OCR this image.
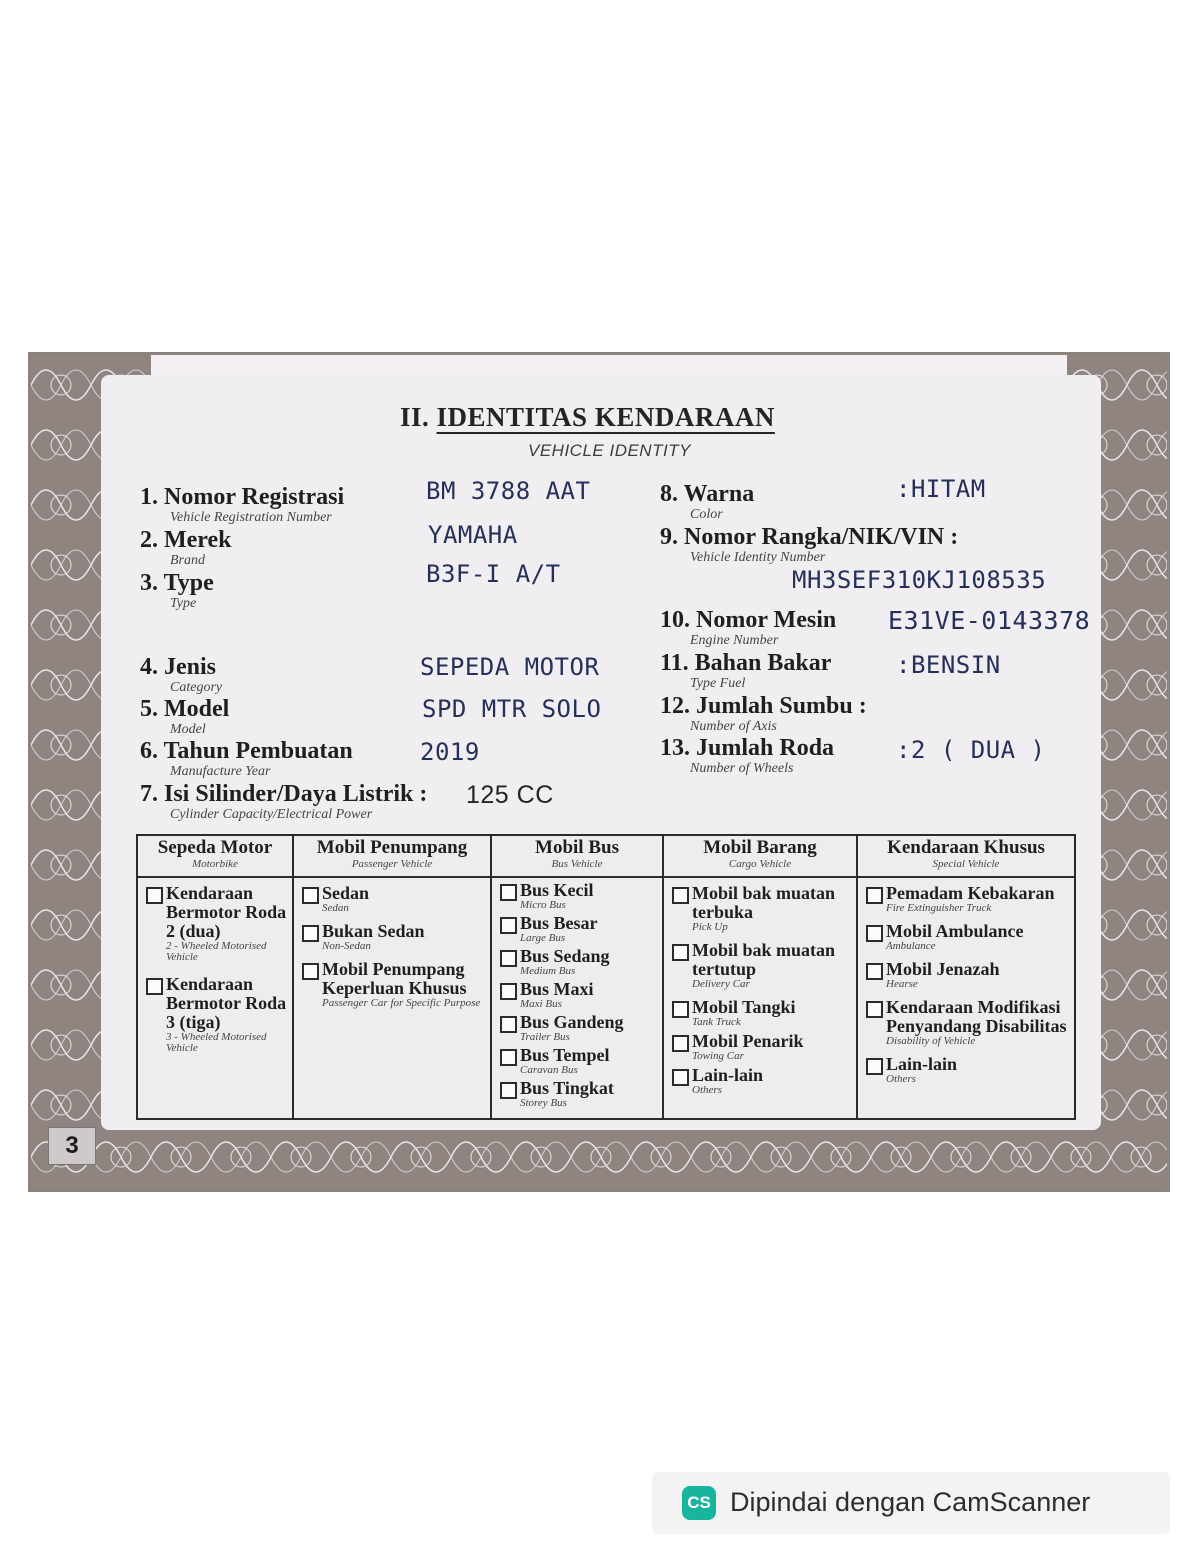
II. IDENTITAS KENDARAAN
VEHICLE IDENTITY
1. Nomor Registrasi
Vehicle Registration Number
BM 3788 AAT
2. Merek
Brand
YAMAHA
3. Type
Type
B3F-I A/T
4. Jenis
Category
SEPEDA MOTOR
5. Model
Model
SPD MTR SOLO
6. Tahun Pembuatan
Manufacture Year
2019
7. Isi Silinder/Daya Listrik :
Cylinder Capacity/Electrical Power
125 CC
8. Warna
Color
:HITAM
9. Nomor Rangka/NIK/VIN :
Vehicle Identity Number
MH3SEF310KJ108535
10. Nomor Mesin
Engine Number
E31VE-0143378
11. Bahan Bakar
Type Fuel
:BENSIN
12. Jumlah Sumbu :
Number of Axis
13. Jumlah Roda
Number of Wheels
:2 ( DUA )
Sepeda Motor
Motorbike
Kendaraan Bermotor Roda 2 (dua)
2 - Wheeled Motorised Vehicle
Kendaraan Bermotor Roda 3 (tiga)
3 - Wheeled Motorised Vehicle
Mobil Penumpang
Passenger Vehicle
Sedan
Sedan
Bukan Sedan
Non-Sedan
Mobil Penumpang Keperluan Khusus
Passenger Car for Specific Purpose
Mobil Bus
Bus Vehicle
Bus Kecil
Micro Bus
Bus Besar
Large Bus
Bus Sedang
Medium Bus
Bus Maxi
Maxi Bus
Bus Gandeng
Trailer Bus
Bus Tempel
Caravan Bus
Bus Tingkat
Storey Bus
Mobil Barang
Cargo Vehicle
Mobil bak muatan terbuka
Pick Up
Mobil bak muatan tertutup
Delivery Car
Mobil Tangki
Tank Truck
Mobil Penarik
Towing Car
Lain-lain
Others
Kendaraan Khusus
Special Vehicle
Pemadam Kebakaran
Fire Extinguisher Truck
Mobil Ambulance
Ambulance
Mobil Jenazah
Hearse
Kendaraan Modifikasi Penyandang Disabilitas
Disability of Vehicle
Lain-lain
Others
3
CS Dipindai dengan CamScanner
